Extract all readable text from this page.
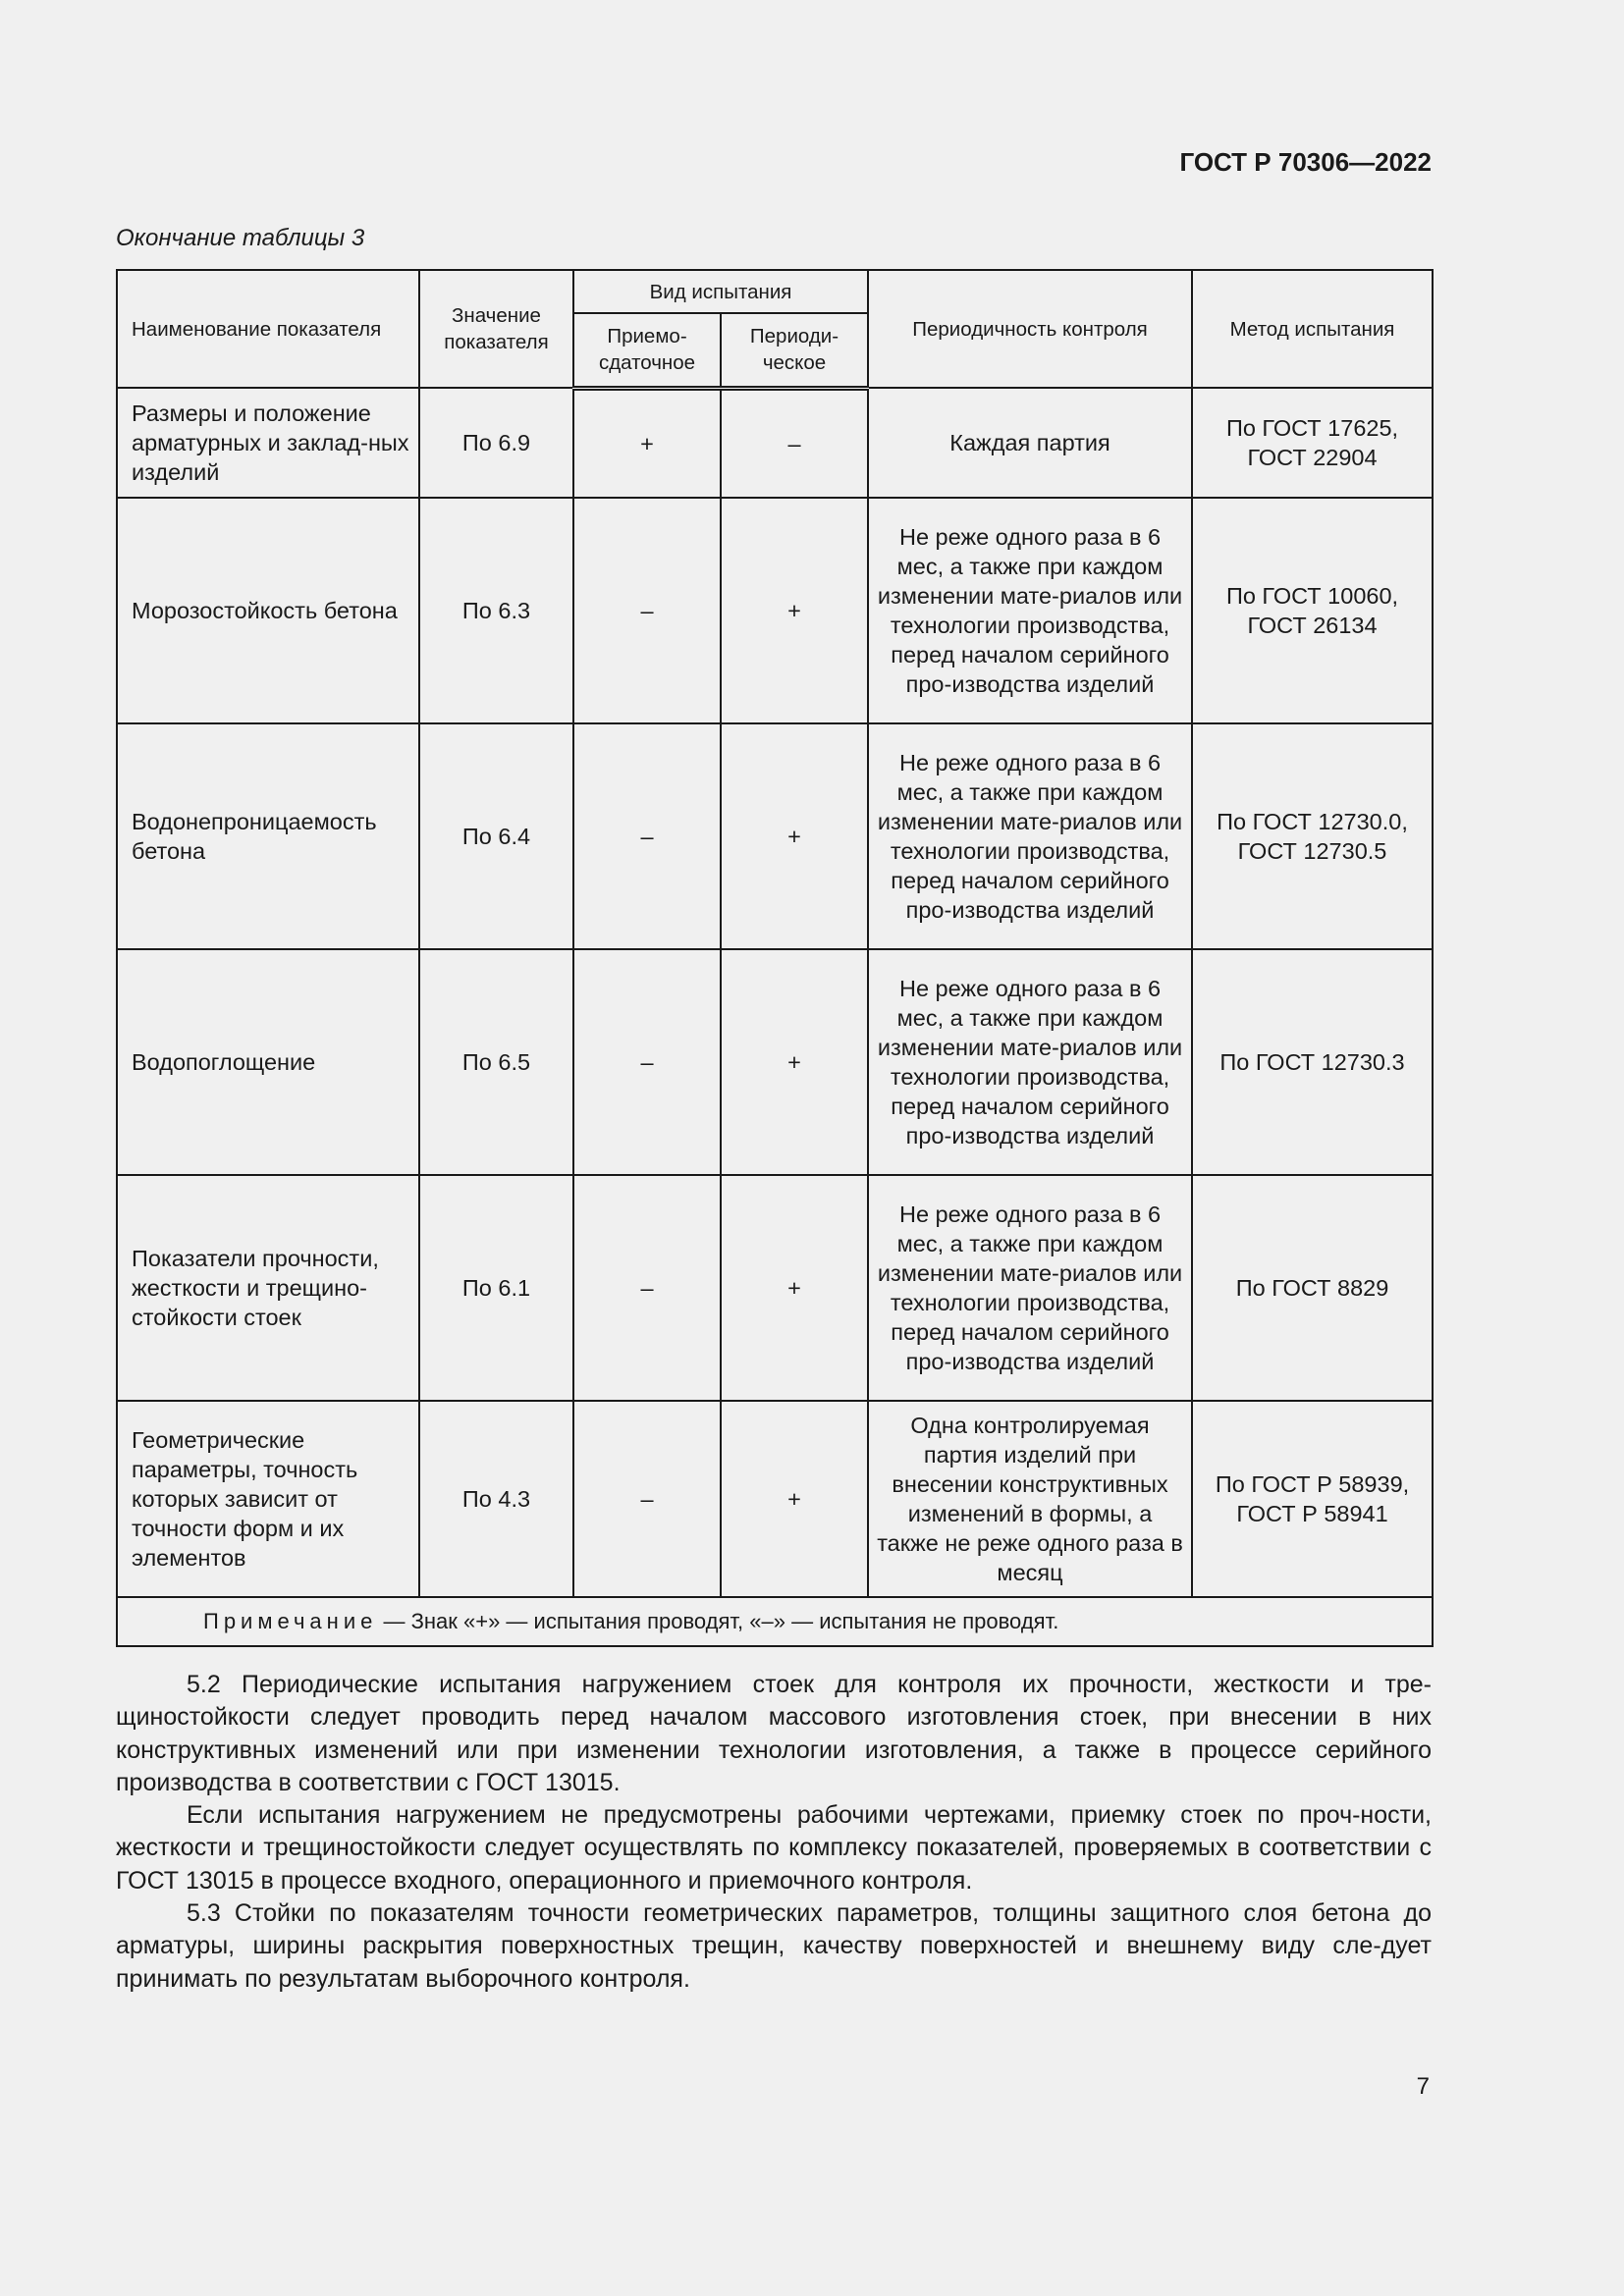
ГОСТ Р 70306—2022
Окончание таблицы 3
Наименование показателя	Значение показателя	Вид испытания		Периодичность контроля	Метод испытания
		Приемо-сдаточное	Периоди-ческое		
Размеры и положение арматурных и заклад-ных изделий	По 6.9	+	–	Каждая партия	По ГОСТ 17625, ГОСТ 22904
Морозостойкость бетона	По 6.3	–	+	Не реже одного раза в 6 мес, а также при каждом изменении мате-риалов или технологии производства, перед началом серийного про-изводства изделий	По ГОСТ 10060, ГОСТ 26134
Водонепроницаемость бетона	По 6.4	–	+	Не реже одного раза в 6 мес, а также при каждом изменении мате-риалов или технологии производства, перед началом серийного про-изводства изделий	По ГОСТ 12730.0, ГОСТ 12730.5
Водопоглощение	По 6.5	–	+	Не реже одного раза в 6 мес, а также при каждом изменении мате-риалов или технологии производства, перед началом серийного про-изводства изделий	По ГОСТ 12730.3
Показатели прочности, жесткости и трещино-стойкости стоек	По 6.1	–	+	Не реже одного раза в 6 мес, а также при каждом изменении мате-риалов или технологии производства, перед началом серийного про-изводства изделий	По ГОСТ 8829
Геометрические параметры, точность которых зависит от точности форм и их элементов	По 4.3	–	+	Одна контролируемая партия изделий при внесении конструктивных изменений в формы, а также не реже одного раза в месяц	По ГОСТ Р 58939, ГОСТ Р 58941
Примечание — Знак «+» — испытания проводят, «–» — испытания не проводят.					

5.2 Периодические испытания нагружением стоек для контроля их прочности, жесткости и тре-щиностойкости следует проводить перед началом массового изготовления стоек, при внесении в них конструктивных изменений или при изменении технологии изготовления, а также в процессе серийного производства в соответствии с ГОСТ 13015.

Если испытания нагружением не предусмотрены рабочими чертежами, приемку стоек по проч-ности, жесткости и трещиностойкости следует осуществлять по комплексу показателей, проверяемых в соответствии с ГОСТ 13015 в процессе входного, операционного и приемочного контроля.

5.3 Стойки по показателям точности геометрических параметров, толщины защитного слоя бетона до арматуры, ширины раскрытия поверхностных трещин, качеству поверхностей и внешнему виду сле-дует принимать по результатам выборочного контроля.

7
